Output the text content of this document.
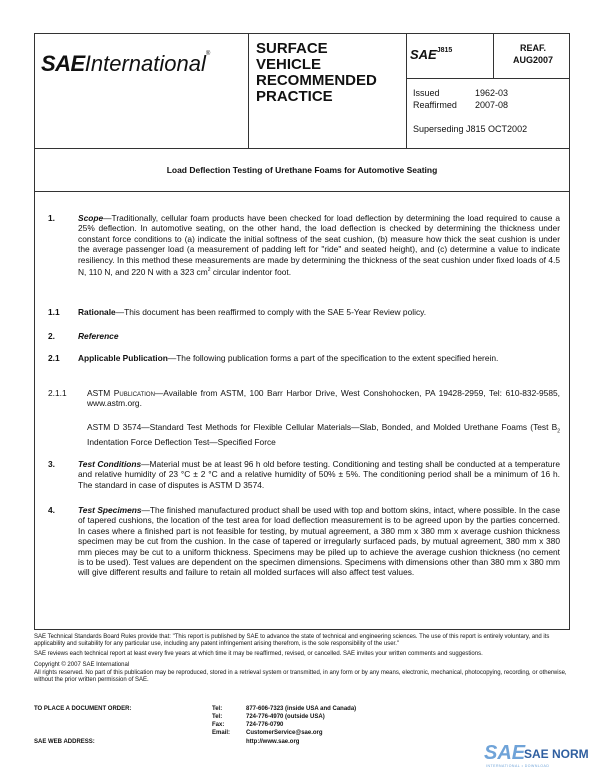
SAEInternational®	SURFACE
VEHICLE
RECOMMENDED
PRACTICE
SAE J815	REAF.
AUG2007
Issued	1962-03
Reaffirmed 2007-08
Superseding J815 OCT2002
Load Deflection Testing of Urethane Foams for Automotive Seating
1.	Scope—Traditionally, cellular foam products have been checked for load deflection by determining the load required to cause a 25% deflection. In automotive seating, on the other hand, the load deflection is checked by determining the thickness under constant force conditions to (a) indicate the initial softness of the seat cushion, (b) measure how thick the seat cushion is under the average passenger load (a measurement of padding left for "ride" and seated height), and (c) determine a value to indicate resiliency. In this method these measurements are made by determining the thickness of the seat cushion under fixed loads of 4.5 N, 110 N, and 220 N with a 323 $cm^2$ circular indentor foot.
1.1 Rationale—This document has been reaffirmed to comply with the SAE 5-Year Review policy.
2.	Reference
2.1 Applicable Publication—The following publication forms a part of the specification to the extent specified herein.
2.1.1 ASTM Publication—Available from ASTM, 100 Barr Harbor Drive, West Conshohocken, PA 19428-2959, Tel: 610-832-9585, www.astm.org.
ASTM D 3574—Standard Test Methods for Flexible Cellular Materials—Slab, Bonded, and Molded Urethane Foams (Test $B_2$ Indentation Force Deflection Test—Specified Force
3.	Test Conditions—Material must be at least 96 h old before testing. Conditioning and testing shall be conducted at a temperature and relative humidity of 23 °C ± 2 °C and a relative humidity of 50% ± 5%. The conditioning period shall be a minimum of 16 h. The standard in case of disputes is ASTM D 3574.
4.	Test Specimens—The finished manufactured product shall be used with top and bottom skins, intact, where possible. In the case of tapered cushions, the location of the test area for load deflection measurement is to be agreed upon by the parties concerned. In cases where a finished part is not feasible for testing, by mutual agreement, a 380 mm x 380 mm x average cushion thickness specimen may be cut from the cushion. In the case of tapered or irregularly surfaced pads, by mutual agreement, 380 mm x 380 mm pieces may be cut to a uniform thickness. Specimens may be piled up to achieve the average cushion thickness (no cement is to be used). Test values are dependent on the specimen dimensions. Specimens with dimensions other than 380 mm x 380 mm will give different results and failure to retain all molded surfaces will also affect test values.

SAE Technical Standards Board Rules provide that: "This report is published by SAE to advance the state of technical and engineering sciences. The use of this report is entirely voluntary, and its applicability and suitability for any particular use, including any patent infringement arising therefrom, is the sole responsibility of the user."

SAE reviews each technical report at least every five years at which time it may be reaffirmed, revised, or cancelled. SAE invites your written comments and suggestions.

Copyright © 2007 SAE International

All rights reserved. No part of this publication may be reproduced, stored in a retrieval system or transmitted, in any form or by any means, electronic, mechanical, photocopying, recording, or otherwise, without the prior written permission of SAE.

TO PLACE A DOCUMENT ORDER:	Tel:	877-606-7323 (inside USA and Canada)
Tel:	724-776-4970 (outside USA)
Fax:	724-776-0790
Email:	CustomerService@sae.org
SAE WEB ADDRESS:	http://www.sae.org	SAE
SAE NORM
INTERNATIONAL • DOWNLOAD
